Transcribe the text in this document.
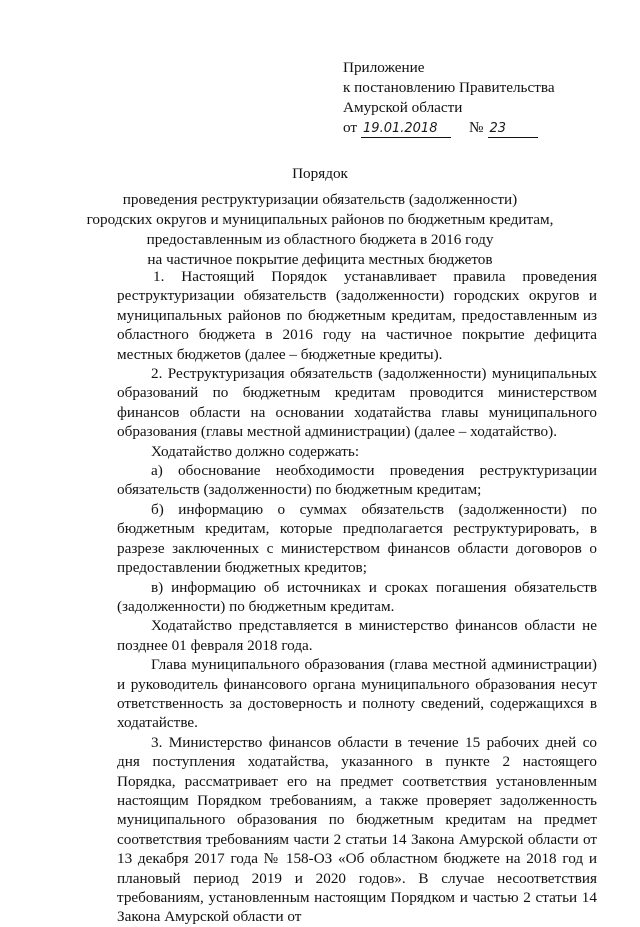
Приложение
к постановлению Правительства
Амурской области
от 19.01.2018	№ 23
Порядок
проведения реструктуризации обязательств (задолженности)
городских округов и муниципальных районов по бюджетным кредитам,
предоставленным из областного бюджета в 2016 году
на частичное покрытие дефицита местных бюджетов

1. Настоящий Порядок устанавливает правила проведения реструктуризации обязательств (задолженности) городских округов и муниципальных районов по бюджетным кредитам, предоставленным из областного бюджета в 2016 году на частичное покрытие дефицита местных бюджетов (далее – бюджетные кредиты).

2. Реструктуризация обязательств (задолженности) муниципальных образований по бюджетным кредитам проводится министерством финансов области на основании ходатайства главы муниципального образования (главы местной администрации) (далее – ходатайство).

Ходатайство должно содержать:

а) обоснование необходимости проведения реструктуризации обязательств (задолженности) по бюджетным кредитам;

б) информацию о суммах обязательств (задолженности) по бюджетным кредитам, которые предполагается реструктурировать, в разрезе заключенных с министерством финансов области договоров о предоставлении бюджетных кредитов;

в) информацию об источниках и сроках погашения обязательств (задолженности) по бюджетным кредитам.

Ходатайство представляется в министерство финансов области не позднее 01 февраля 2018 года.

Глава муниципального образования (глава местной администрации) и руководитель финансового органа муниципального образования несут ответственность за достоверность и полноту сведений, содержащихся в ходатайстве.

3. Министерство финансов области в течение 15 рабочих дней со дня поступления ходатайства, указанного в пункте 2 настоящего Порядка, рассматривает его на предмет соответствия установленным настоящим Порядком требованиям, а также проверяет задолженность муниципального образования по бюджетным кредитам на предмет соответствия требованиям части 2 статьи 14 Закона Амурской области от 13 декабря 2017 года № 158-ОЗ «Об областном бюджете на 2018 год и плановый период 2019 и 2020 годов». В случае несоответствия требованиям, установленным настоящим Порядком и частью 2 статьи 14 Закона Амурской области от
